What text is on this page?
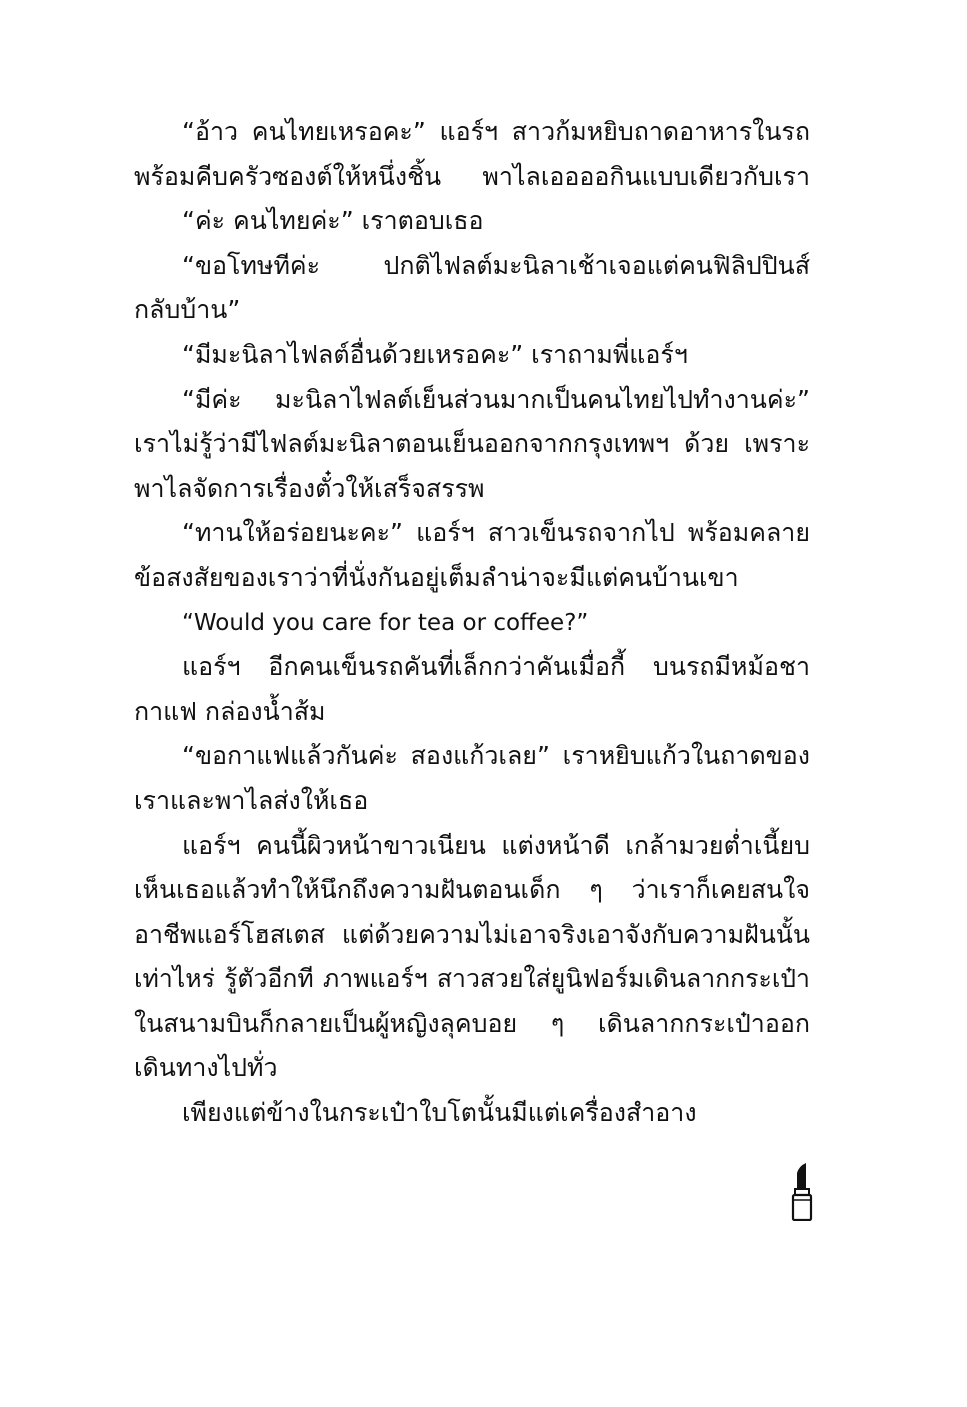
“อ้าว คนไทยเหรอคะ” แอร์ฯ สาวก้มหยิบถาดอาหารในรถ
พร้อมคีบครัวซองต์ให้หนึ่งชิ้น พาไลเออออกินแบบเดียวกับเรา
“ค่ะ คนไทยค่ะ” เราตอบเธอ
“ขอโทษทีค่ะ ปกติไฟลต์มะนิลาเช้าเจอแต่คนฟิลิปปินส์
กลับบ้าน”
“มีมะนิลาไฟลต์อื่นด้วยเหรอคะ” เราถามพี่แอร์ฯ
“มีค่ะ มะนิลาไฟลต์เย็นส่วนมากเป็นคนไทยไปทำงานค่ะ”
เราไม่รู้ว่ามีไฟลต์มะนิลาตอนเย็นออกจากกรุงเทพฯ ด้วย เพราะ
พาไลจัดการเรื่องตั๋วให้เสร็จสรรพ
“ทานให้อร่อยนะคะ” แอร์ฯ สาวเข็นรถจากไป พร้อมคลาย
ข้อสงสัยของเราว่าที่นั่งกันอยู่เต็มลำน่าจะมีแต่คนบ้านเขา
“Would you care for tea or coffee?”
แอร์ฯ อีกคนเข็นรถคันที่เล็กกว่าคันเมื่อกี้ บนรถมีหม้อชา
กาแฟ กล่องน้ำส้ม
“ขอกาแฟแล้วกันค่ะ สองแก้วเลย” เราหยิบแก้วในถาดของ
เราและพาไลส่งให้เธอ
แอร์ฯ คนนี้ผิวหน้าขาวเนียน แต่งหน้าดี เกล้ามวยต่ำเนี้ยบ
เห็นเธอแล้วทำให้นึกถึงความฝันตอนเด็ก ๆ ว่าเราก็เคยสนใจ
อาชีพแอร์โฮสเตส แต่ด้วยความไม่เอาจริงเอาจังกับความฝันนั้น
เท่าไหร่ รู้ตัวอีกที ภาพแอร์ฯ สาวสวยใส่ยูนิฟอร์มเดินลากกระเป๋า
ในสนามบินก็กลายเป็นผู้หญิงลุคบอย ๆ เดินลากกระเป๋าออก
เดินทางไปทั่ว
เพียงแต่ข้างในกระเป๋าใบโตนั้นมีแต่เครื่องสำอาง
